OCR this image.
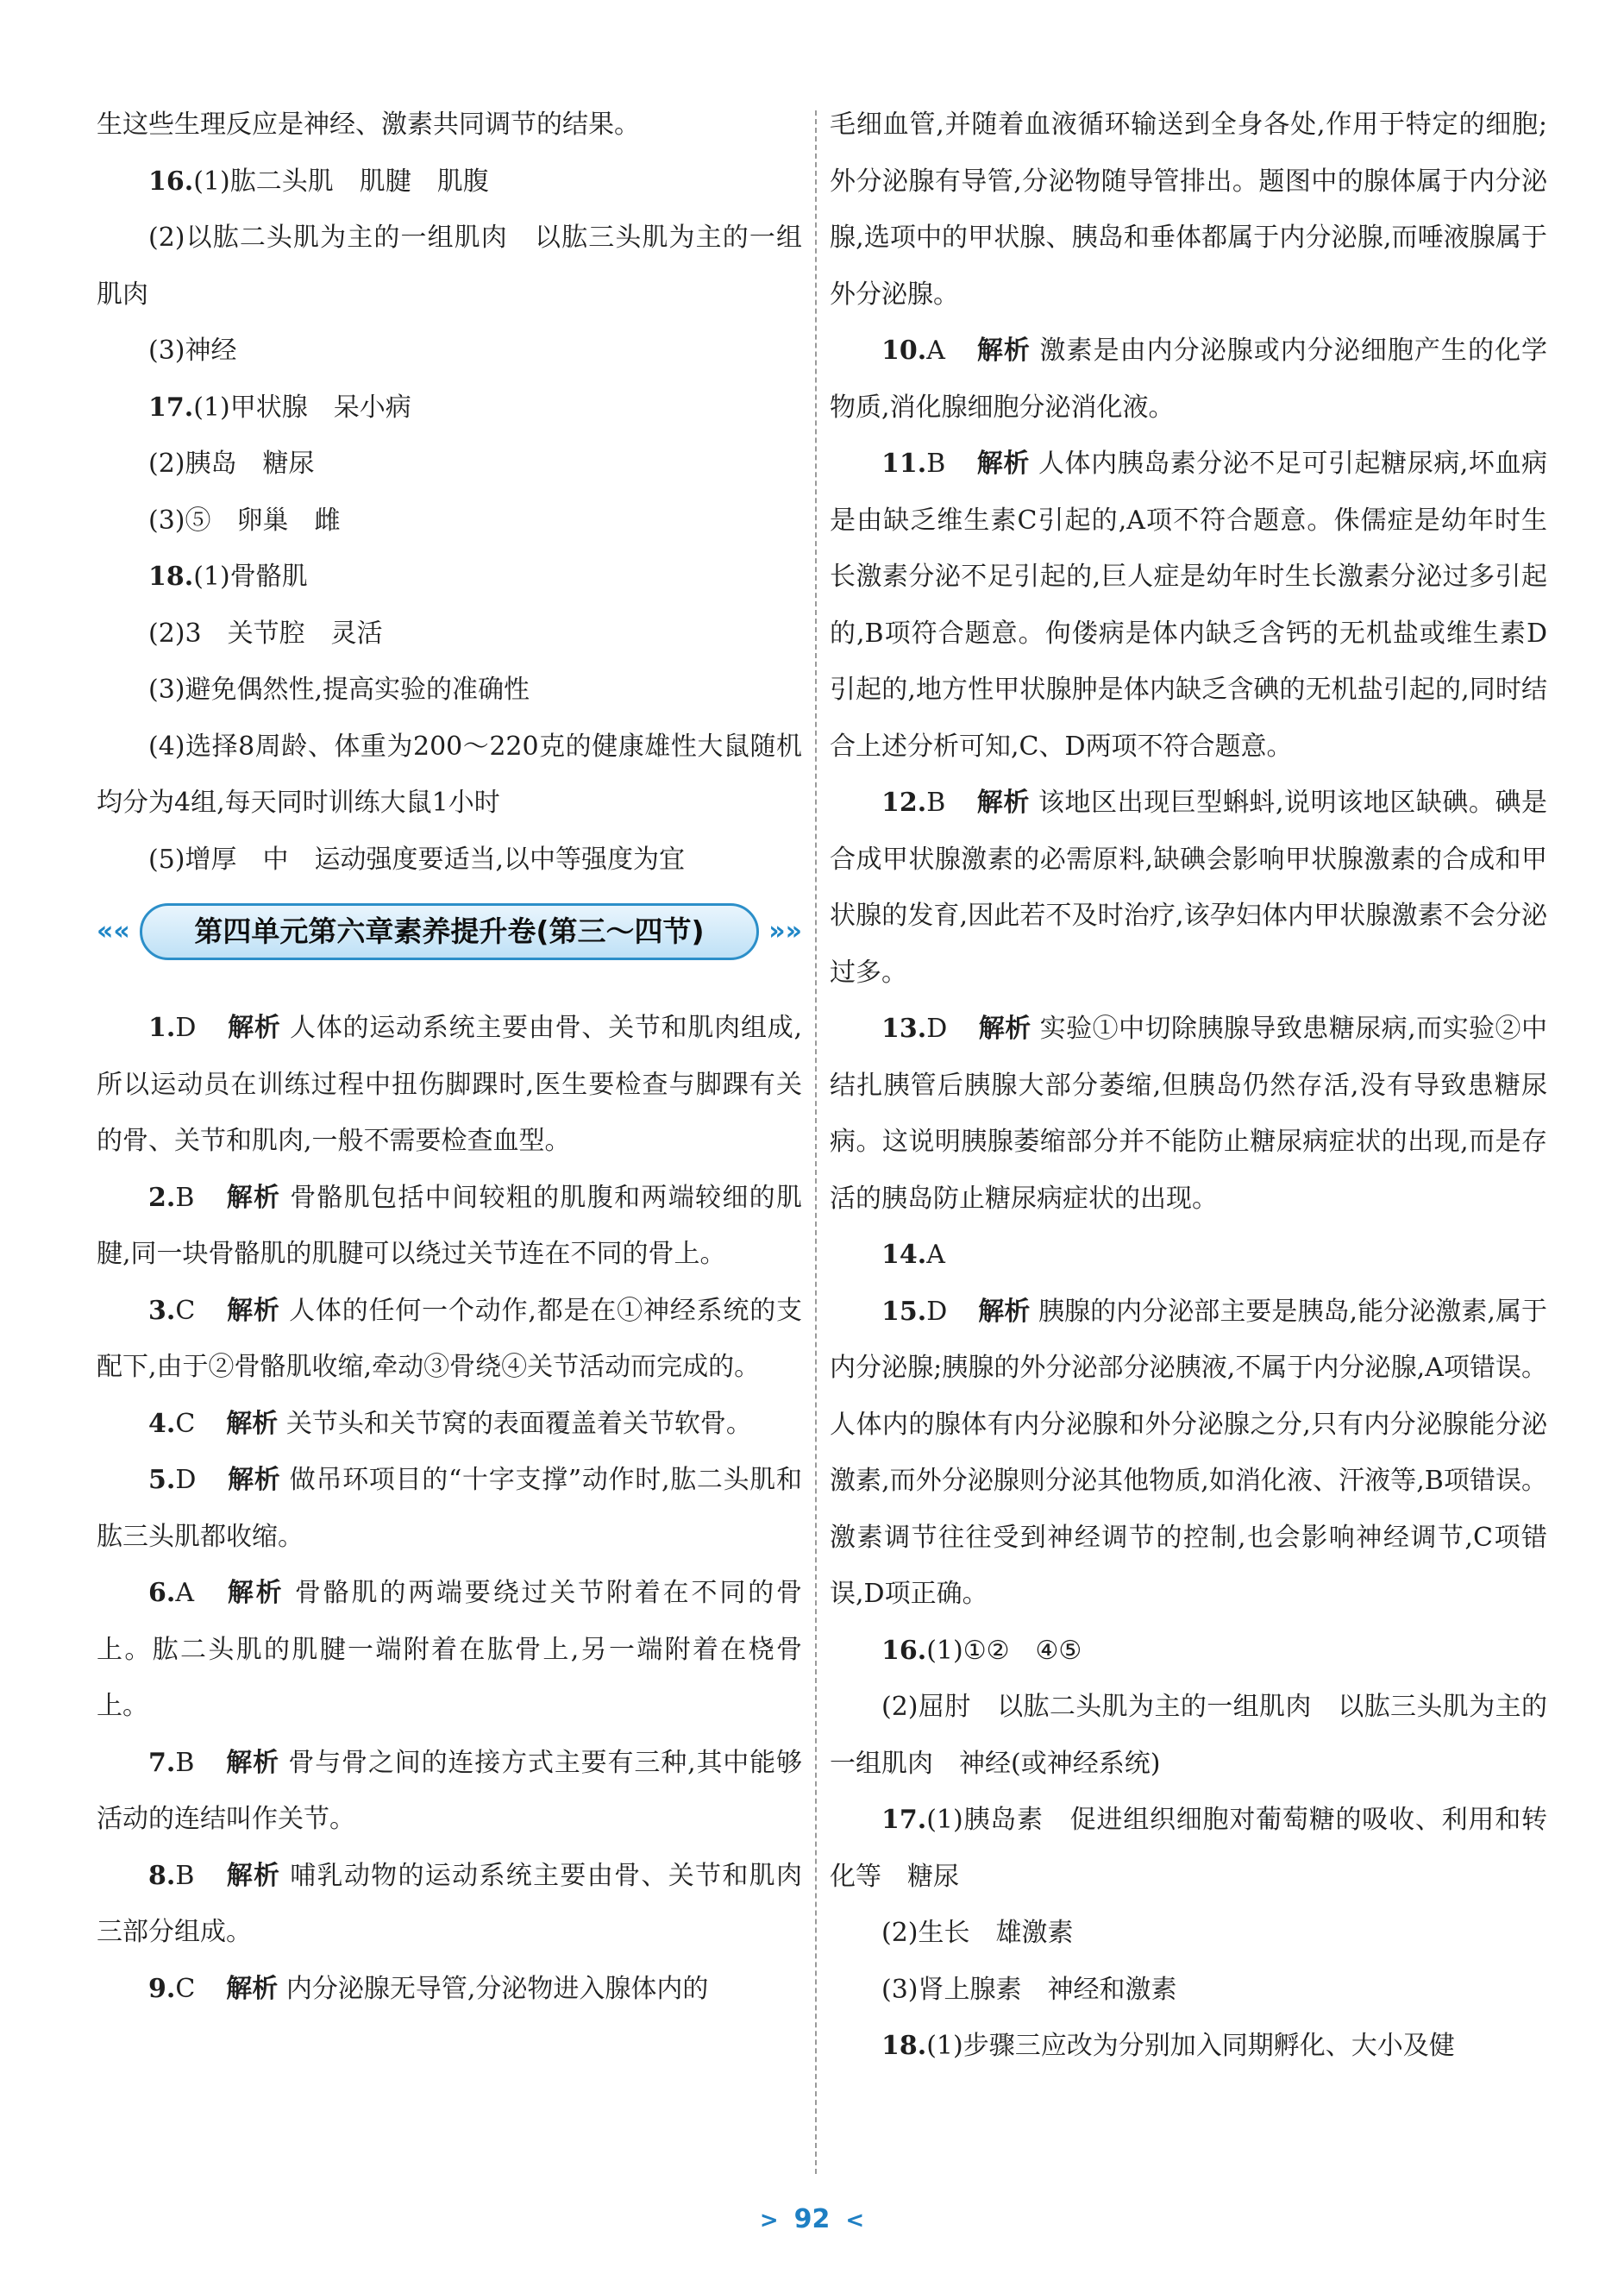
生这些生理反应是神经、激素共同调节的结果。

16.(1)肱二头肌　肌腱　肌腹

(2)以肱二头肌为主的一组肌肉　以肱三头肌为主的一组肌肉

(3)神经

17.(1)甲状腺　呆小病

(2)胰岛　糖尿

(3)⑤　卵巢　雌

18.(1)骨骼肌

(2)3　关节腔　灵活

(3)避免偶然性,提高实验的准确性

(4)选择8周龄、体重为200～220克的健康雄性大鼠随机均分为4组,每天同时训练大鼠1小时

(5)增厚　中　运动强度要适当,以中等强度为宜

««	第四单元第六章素养提升卷(第三～四节)	»»

1.D 解析 人体的运动系统主要由骨、关节和肌肉组成,所以运动员在训练过程中扭伤脚踝时,医生要检查与脚踝有关的骨、关节和肌肉,一般不需要检查血型。

2.B 解析 骨骼肌包括中间较粗的肌腹和两端较细的肌腱,同一块骨骼肌的肌腱可以绕过关节连在不同的骨上。

3.C 解析 人体的任何一个动作,都是在①神经系统的支配下,由于②骨骼肌收缩,牵动③骨绕④关节活动而完成的。

4.C 解析 关节头和关节窝的表面覆盖着关节软骨。

5.D 解析 做吊环项目的“十字支撑”动作时,肱二头肌和肱三头肌都收缩。

6.A 解析 骨骼肌的两端要绕过关节附着在不同的骨上。肱二头肌的肌腱一端附着在肱骨上,另一端附着在桡骨上。

7.B 解析 骨与骨之间的连接方式主要有三种,其中能够活动的连结叫作关节。

8.B 解析 哺乳动物的运动系统主要由骨、关节和肌肉三部分组成。

9.C 解析 内分泌腺无导管,分泌物进入腺体内的

毛细血管,并随着血液循环输送到全身各处,作用于特定的细胞;外分泌腺有导管,分泌物随导管排出。题图中的腺体属于内分泌腺,选项中的甲状腺、胰岛和垂体都属于内分泌腺,而唾液腺属于外分泌腺。

10.A 解析 激素是由内分泌腺或内分泌细胞产生的化学物质,消化腺细胞分泌消化液。

11.B 解析 人体内胰岛素分泌不足可引起糖尿病,坏血病是由缺乏维生素C引起的,A项不符合题意。侏儒症是幼年时生长激素分泌不足引起的,巨人症是幼年时生长激素分泌过多引起的,B项符合题意。佝偻病是体内缺乏含钙的无机盐或维生素D引起的,地方性甲状腺肿是体内缺乏含碘的无机盐引起的,同时结合上述分析可知,C、D两项不符合题意。

12.B 解析 该地区出现巨型蝌蚪,说明该地区缺碘。碘是合成甲状腺激素的必需原料,缺碘会影响甲状腺激素的合成和甲状腺的发育,因此若不及时治疗,该孕妇体内甲状腺激素不会分泌过多。

13.D 解析 实验①中切除胰腺导致患糖尿病,而实验②中结扎胰管后胰腺大部分萎缩,但胰岛仍然存活,没有导致患糖尿病。这说明胰腺萎缩部分并不能防止糖尿病症状的出现,而是存活的胰岛防止糖尿病症状的出现。

14.A

15.D 解析 胰腺的内分泌部主要是胰岛,能分泌激素,属于内分泌腺;胰腺的外分泌部分泌胰液,不属于内分泌腺,A项错误。人体内的腺体有内分泌腺和外分泌腺之分,只有内分泌腺能分泌激素,而外分泌腺则分泌其他物质,如消化液、汗液等,B项错误。激素调节往往受到神经调节的控制,也会影响神经调节,C项错误,D项正确。

16.(1)①②　④⑤

(2)屈肘　以肱二头肌为主的一组肌肉　以肱三头肌为主的一组肌肉　神经(或神经系统)

17.(1)胰岛素　促进组织细胞对葡萄糖的吸收、利用和转化等　糖尿

(2)生长　雄激素

(3)肾上腺素　神经和激素

18.(1)步骤三应改为分别加入同期孵化、大小及健

> 92 <
